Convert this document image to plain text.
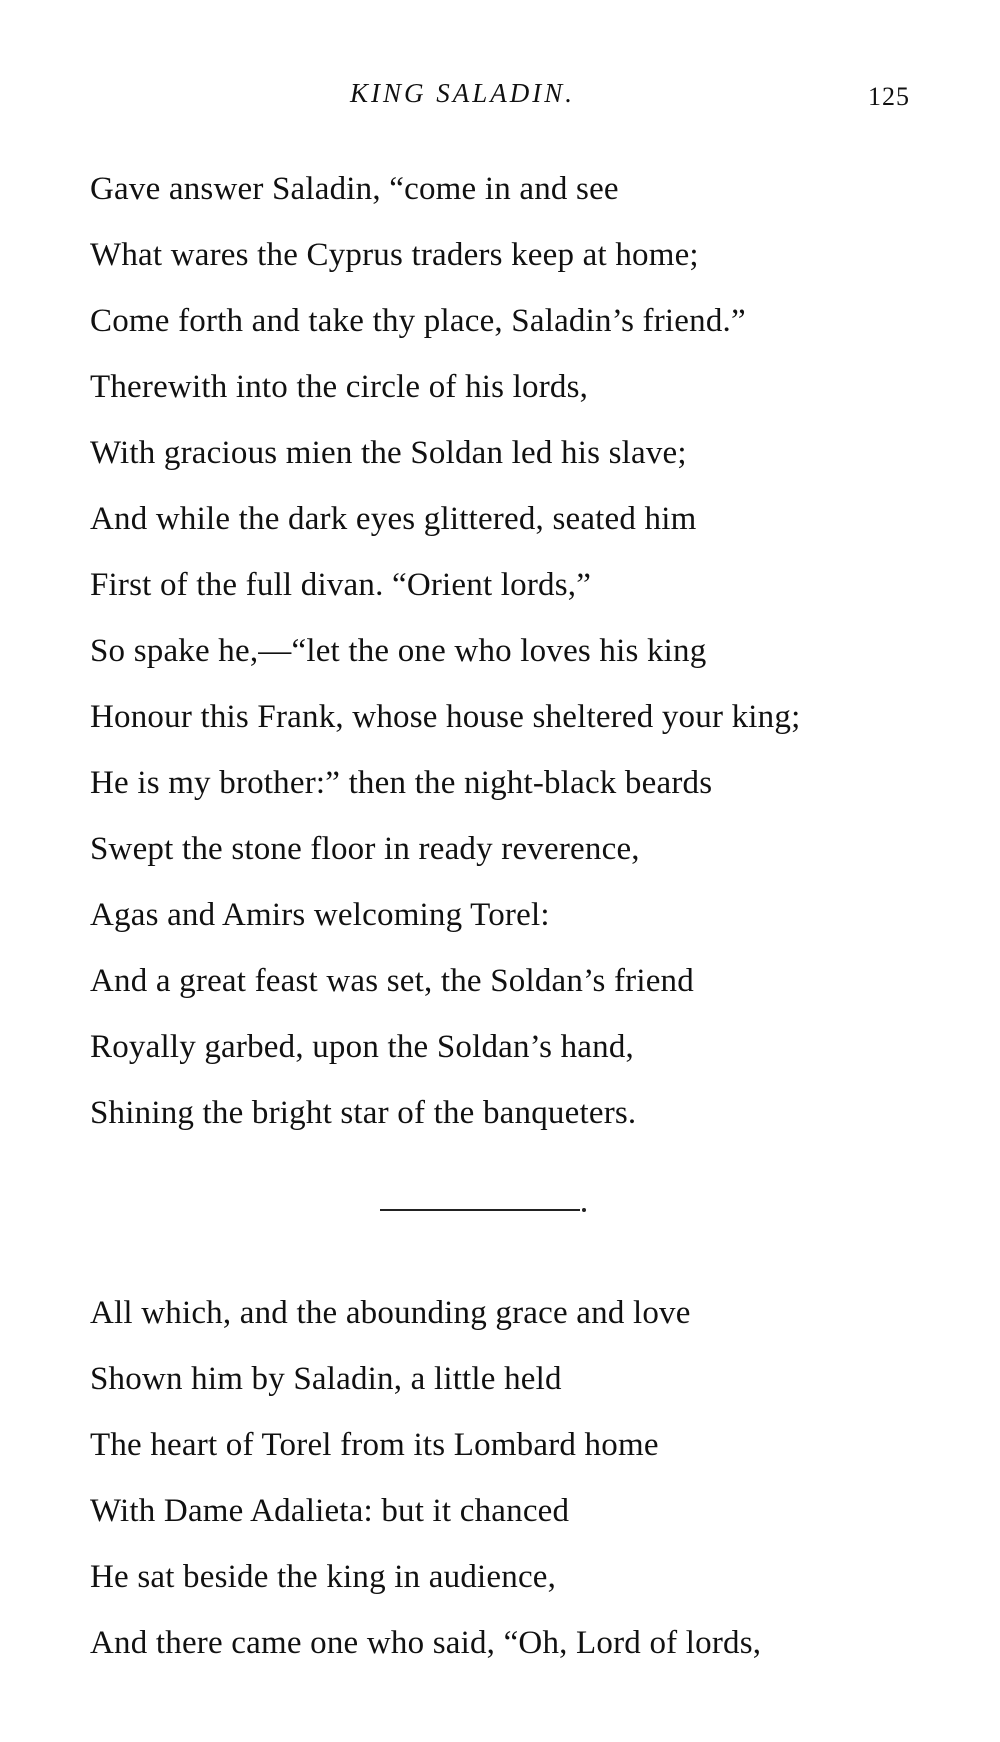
KING SALADIN.	125
Gave answer Saladin, “come in and see
What wares the Cyprus traders keep at home;
Come forth and take thy place, Saladin’s friend.”
Therewith into the circle of his lords,
With gracious mien the Soldan led his slave;
And while the dark eyes glittered, seated him
First of the full divan. “Orient lords,”
So spake he,—“let the one who loves his king
Honour this Frank, whose house sheltered your king;
He is my brother:” then the night-black beards
Swept the stone floor in ready reverence,
Agas and Amirs welcoming Torel:
And a great feast was set, the Soldan’s friend
Royally garbed, upon the Soldan’s hand,
Shining the bright star of the banqueters.
All which, and the abounding grace and love
Shown him by Saladin, a little held
The heart of Torel from its Lombard home
With Dame Adalieta: but it chanced
He sat beside the king in audience,
And there came one who said, “Oh, Lord of lords,
